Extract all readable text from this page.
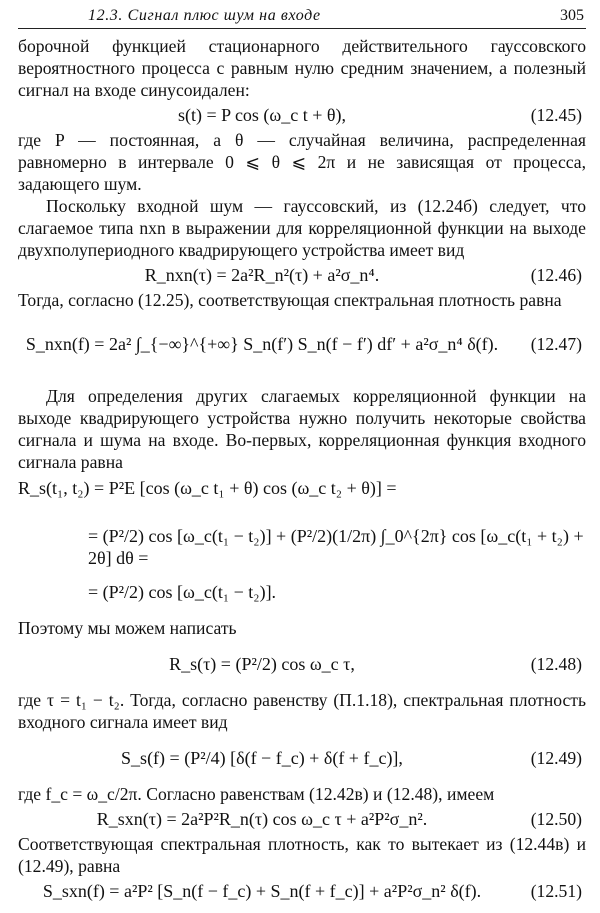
12.3. Сигнал плюс шум на входе	305

борочной функцией стационарного действительного гауссовского вероятностного процесса с равным нулю средним значением, а полезный сигнал на входе синусоидален:

s(t) = P cos (ω_c t + θ),	(12.45)

где P — постоянная, а θ — случайная величина, распределенная равномерно в интервале 0 ⩽ θ ⩽ 2π и не зависящая от процесса, задающего шум.

Поскольку входной шум — гауссовский, из (12.24б) следует, что слагаемое типа nxn в выражении для корреляционной функции на выходе двухполупериодного квадрирующего устройства имеет вид

R_nxn(τ) = 2a²R_n²(τ) + a²σ_n⁴.	(12.46)

Тогда, согласно (12.25), соответствующая спектральная плотность равна

S_nxn(f) = 2a² ∫_{−∞}^{+∞} S_n(f′) S_n(f − f′) df′ + a²σ_n⁴ δ(f).	(12.47)

Для определения других слагаемых корреляционной функции на выходе квадрирующего устройства нужно получить некоторые свойства сигнала и шума на входе. Во-первых, корреляционная функция входного сигнала равна

R_s(t₁, t₂) = P²E [cos (ω_c t₁ + θ) cos (ω_c t₂ + θ)] =
= (P²/2) cos [ω_c(t₁ − t₂)] + (P²/2)(1/2π) ∫_0^{2π} cos [ω_c(t₁ + t₂) + 2θ] dθ =
= (P²/2) cos [ω_c(t₁ − t₂)].

Поэтому мы можем написать

R_s(τ) = (P²/2) cos ω_c τ,	(12.48)

где τ = t₁ − t₂. Тогда, согласно равенству (П.1.18), спектральная плотность входного сигнала имеет вид

S_s(f) = (P²/4) [δ(f − f_c) + δ(f + f_c)],	(12.49)

где f_c = ω_c/2π. Согласно равенствам (12.42в) и (12.48), имеем

R_sxn(τ) = 2a²P²R_n(τ) cos ω_c τ + a²P²σ_n².	(12.50)

Соответствующая спектральная плотность, как то вытекает из (12.44в) и (12.49), равна

S_sxn(f) = a²P² [S_n(f − f_c) + S_n(f + f_c)] + a²P²σ_n² δ(f).	(12.51)
